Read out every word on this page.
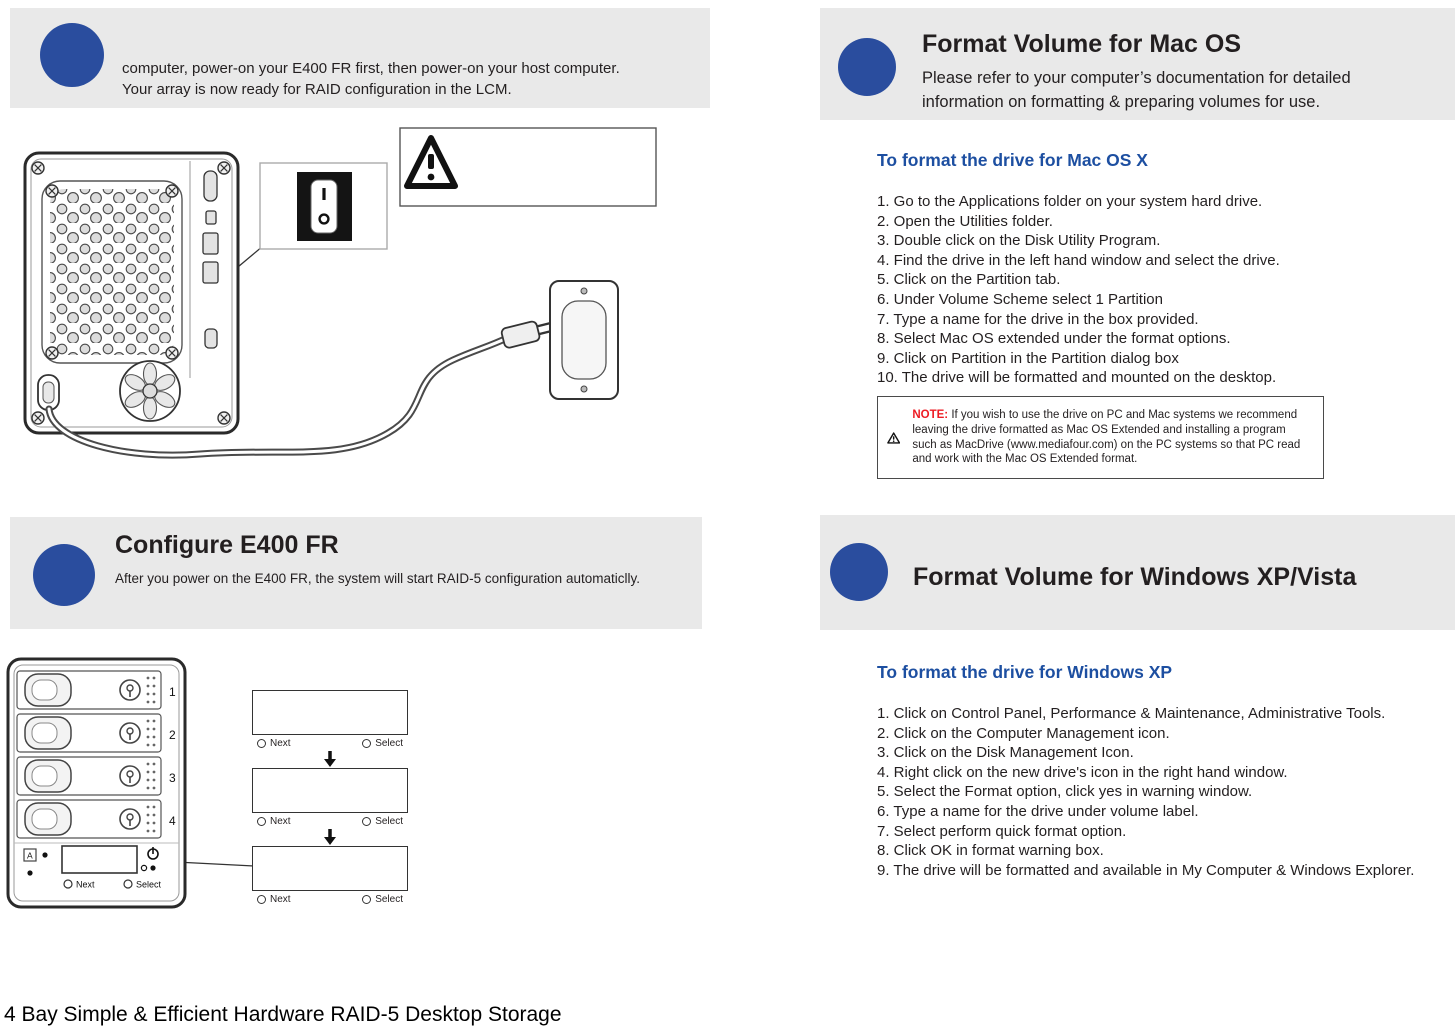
computer, power-on your E400 FR first, then power-on your host computer.
Your array is now ready for RAID configuration in the LCM.
Configure E400 FR

After you power on the E400 FR, the system will start RAID-5 configuration automaticlly.

1
2
3
4
A
Next	Select
Next	Select
Next	Select
Next	Select
Format Volume for Mac OS

Please refer to your computer’s documentation for detailed information on formatting & preparing volumes for use.

To format the drive for Mac OS X
1. Go to the Applications folder on your system hard drive.
2. Open the Utilities folder.
3. Double click on the Disk Utility Program.
4. Find the drive in the left hand window and select the drive.
5. Click on the Partition tab.
6. Under Volume Scheme select 1 Partition
7. Type a name for the drive in the box provided.
8. Select Mac OS extended under the format options.
9. Click on Partition in the Partition dialog box
10. The drive will be formatted and mounted on the desktop.

NOTE: If you wish to use the drive on PC and Mac systems we recommend leaving the drive formatted as Mac OS Extended and installing a program such as MacDrive (www.mediafour.com) on the PC systems so that PC read and work with the Mac OS Extended format.

Format Volume for Windows XP/Vista
To format the drive for Windows XP
1. Click on Control Panel, Performance & Maintenance, Administrative Tools.
2. Click on the Computer Management icon.
3. Click on the Disk Management Icon.
4. Right click on the new drive's icon in the right hand window.
5. Select the Format option, click yes in warning window.
6. Type a name for the drive under volume label.
7. Select perform quick format option.
8. Click OK in format warning box.
9. The drive will be formatted and available in My Computer & Windows Explorer.
4 Bay Simple & Efficient Hardware RAID-5 Desktop Storage
